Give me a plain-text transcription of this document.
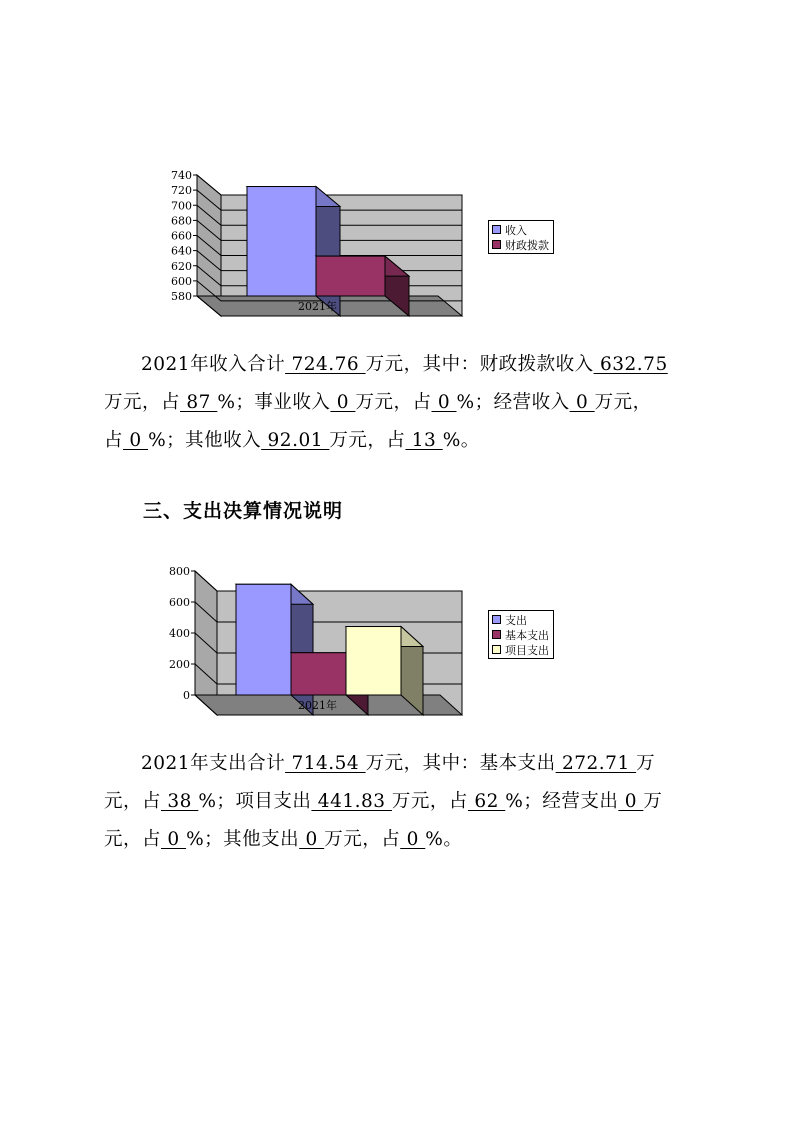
740
720
700
680
660
640
620
600
580
2021年
收入
财政拨款
2021年收入合计 724.76 万元，其中：财政拨款收入 632.75
万元，占 87 %；事业收入 0 万元，占 0 %；经营收入 0 万元，
占 0 %；其他收入 92.01 万元，占 13 %。
三、支出决算情况说明
800
600
400
200
0
2021年
支出
基本支出
项目支出
2021年支出合计 714.54 万元，其中：基本支出 272.71 万
元，占 38 %；项目支出 441.83 万元，占 62 %；经营支出 0 万
元，占 0 %；其他支出 0 万元，占 0 %。
